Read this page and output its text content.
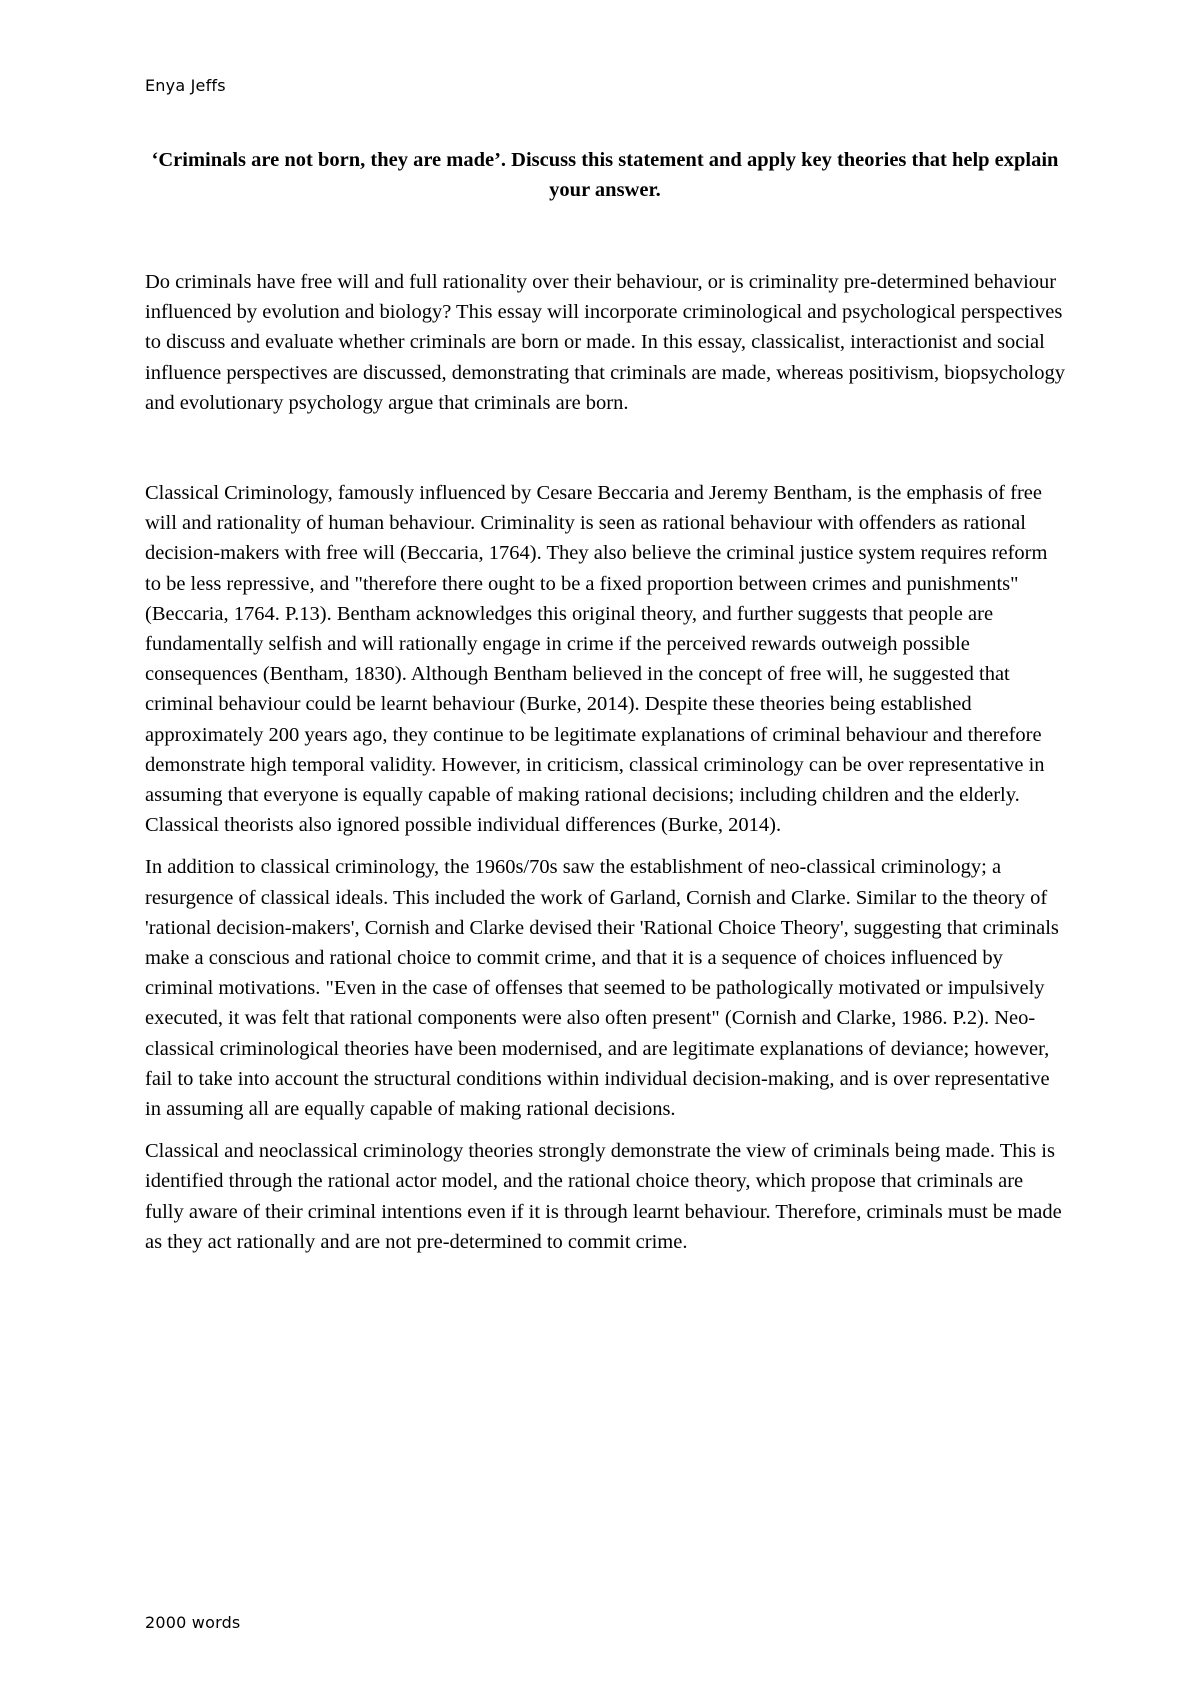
Enya Jeffs
‘Criminals are not born, they are made’. Discuss this statement and apply key theories that help explain your answer.

Do criminals have free will and full rationality over their behaviour, or is criminality pre-determined behaviour influenced by evolution and biology? This essay will incorporate criminological and psychological perspectives to discuss and evaluate whether criminals are born or made. In this essay, classicalist, interactionist and social influence perspectives are discussed, demonstrating that criminals are made, whereas positivism, biopsychology and evolutionary psychology argue that criminals are born.

Classical Criminology, famously influenced by Cesare Beccaria and Jeremy Bentham, is the emphasis of free will and rationality of human behaviour. Criminality is seen as rational behaviour with offenders as rational decision-makers with free will (Beccaria, 1764). They also believe the criminal justice system requires reform to be less repressive, and "therefore there ought to be a fixed proportion between crimes and punishments" (Beccaria, 1764. P.13). Bentham acknowledges this original theory, and further suggests that people are fundamentally selfish and will rationally engage in crime if the perceived rewards outweigh possible consequences (Bentham, 1830). Although Bentham believed in the concept of free will, he suggested that criminal behaviour could be learnt behaviour (Burke, 2014). Despite these theories being established approximately 200 years ago, they continue to be legitimate explanations of criminal behaviour and therefore demonstrate high temporal validity. However, in criticism, classical criminology can be over representative in assuming that everyone is equally capable of making rational decisions; including children and the elderly. Classical theorists also ignored possible individual differences (Burke, 2014).

In addition to classical criminology, the 1960s/70s saw the establishment of neo-classical criminology; a resurgence of classical ideals. This included the work of Garland, Cornish and Clarke. Similar to the theory of 'rational decision-makers', Cornish and Clarke devised their 'Rational Choice Theory', suggesting that criminals make a conscious and rational choice to commit crime, and that it is a sequence of choices influenced by criminal motivations. "Even in the case of offenses that seemed to be pathologically motivated or impulsively executed, it was felt that rational components were also often present" (Cornish and Clarke, 1986. P.2). Neo-classical criminological theories have been modernised, and are legitimate explanations of deviance; however, fail to take into account the structural conditions within individual decision-making, and is over representative in assuming all are equally capable of making rational decisions.

Classical and neoclassical criminology theories strongly demonstrate the view of criminals being made. This is identified through the rational actor model, and the rational choice theory, which propose that criminals are fully aware of their criminal intentions even if it is through learnt behaviour. Therefore, criminals must be made as they act rationally and are not pre-determined to commit crime.

2000 words
